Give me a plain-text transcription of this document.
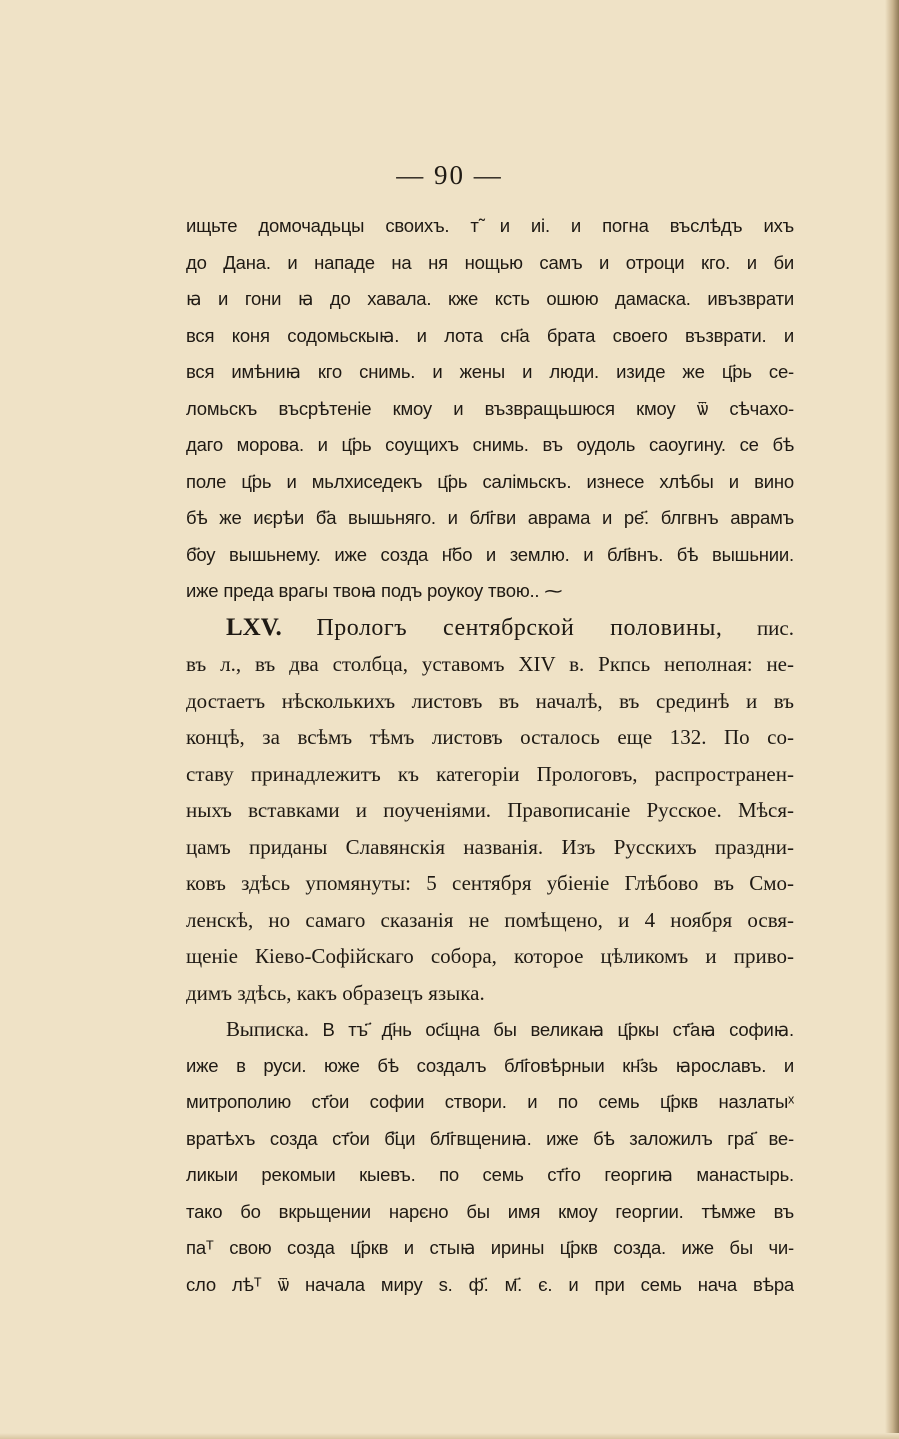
— 90 —
ищьте домочадьцы своихъ. т̃ и иі. и погна въслѣдъ ихъ
до Дана. и нападе на ня нощью самъ и отроци кго. и би
ꙗ и гони ꙗ до хавала. кже ксть ошюю дамаска. ивъзврати
вся коня содомьскыꙗ. и лота сн҃а брата своего възврати. и
вся имѣниꙗ кго снимь. и жены и люди. изиде же ц҃рь се-
ломьскъ въсрѣтеніе кмоу и възвращьшюся кмоу ѿ сѣчахо-
даго морова. и ц҃рь соущихъ снимь. въ оудоль саоугину. се бѣ
поле ц҃рь и мьлхиседекъ ц҃рь салімьскъ. изнесе хлѣбы и вино
бѣ же иєрѣи б҃а вышьняго. и бл҃гви аврама и ре҃. блгвнъ аврамъ
б҃оу вышьнему. иже созда н҃бо и землю. и бл҃внъ. бѣ вышьнии.
иже преда врагы твоꙗ подъ роукоу твою.. ⁓
LXV. Прологъ сентябрской половины, пис.
въ л., въ два столбца, уставомъ XIV в. Ркпсь неполная: не-
достаетъ нѣсколькихъ листовъ въ началѣ, въ срединѣ и въ
концѣ, за всѣмъ тѣмъ листовъ осталось еще 132. По со-
ставу принадлежитъ къ категоріи Прологовъ, распространен-
ныхъ вставками и поученіями. Правописаніе Русское. Мѣся-
цамъ приданы Славянскія названія. Изъ Русскихъ праздни-
ковъ здѣсь упомянуты: 5 сентября убіеніе Глѣбово въ Смо-
ленскѣ, но самаго сказанія не помѣщено, и 4 ноября освя-
щеніе Кіево-Софійскаго собора, которое цѣликомъ и приво-
димъ здѣсь, какъ образецъ языка.
Выписка. В тъ҃ д҃нь ос҃щна бы великаꙗ ц҃ркы ст҃аꙗ софиꙗ.
иже в руси. юже бѣ создалъ бл҃говѣрныи кн҃зь ꙗрославъ. и
митрополию ст҃ои софии створи. и по семь ц҃ркв назлатыˣ
вратѣхъ созда ст҃ои б҃ци бл҃гвщениꙗ. иже бѣ заложилъ гра҃ ве-
ликыи рекомыи кыевъ. по семь ст҃го георгиꙗ манастырь.
тако бо вкрьщении нарєно бы имя кмоу георгии. тѣмже въ
паᵀ свою созда ц҃ркв и стыꙗ ирины ц҃ркв созда. иже бы чи-
сло лѣᵀ ѿ начала миру ѕ. ф҃. м҃. є. и при семь нача вѣра
